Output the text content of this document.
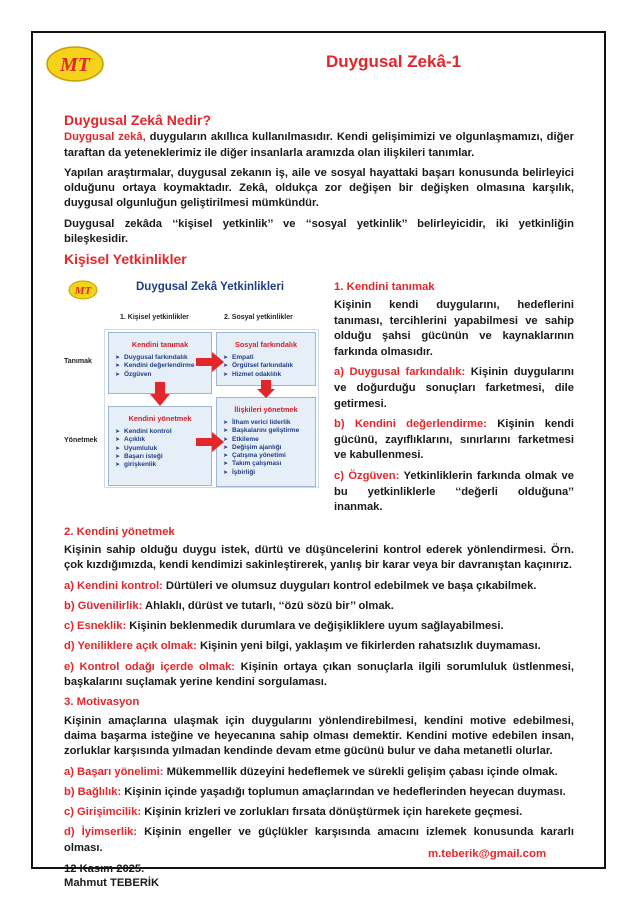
MT	Duygusal Zekâ-1
Duygusal Zekâ Nedir?

Duygusal zekâ, duyguların akıllıca kullanılmasıdır. Kendi gelişimimizi ve olgunlaşmamızı, diğer taraftan da yeteneklerimiz ile diğer insanlarla aramızda olan ilişkileri tanımlar.

Yapılan araştırmalar, duygusal zekanın iş, aile ve sosyal hayattaki başarı konusunda belirleyici olduğunu ortaya koymaktadır. Zekâ, oldukça zor değişen bir değişken olmasına karşılık, duygusal olgunluğun geliştirilmesi mümkündür.

Duygusal zekâda ‘‘kişisel yetkinlik’’ ve ‘‘sosyal yetkinlik’’ belirleyicidir, iki yetkinliğin bileşkesidir.

Kişisel Yetkinlikler
MT	Duygusal Zekâ Yetkinlikleri
1. Kişisel yetkinlikler	2. Sosyal yetkinlikler
Tanımak
Yönetmek
Kendini tanımak
➤ Duygusal farkındalık
➤ Kendini değerlendirme
➤ Özgüven
Sosyal farkındalık
➤ Empati
➤ Örgütsel farkındalık
➤ Hizmet odaklılık
Kendini yönetmek
➤ Kendini kontrol
➤ Açıklık
➤ Uyumluluk
➤ Başarı isteği
➤ girişkenlik
İlişkileri yönetmek
➤ İlham verici liderlik
➤ Başkalarını geliştirme
➤ Etkileme
➤ Değişim ajanlığı
➤ Çatışma yönetimi
➤ Takım çalışması
➤ İşbirliği
1. Kendini tanımak

Kişinin kendi duygularını, hedeflerini tanıması, tercihlerini yapabilmesi ve sahip olduğu şahsi gücünün ve kaynaklarının farkında olmasıdır.

a) Duygusal farkındalık: Kişinin duygularını ve doğurduğu sonuçları farketmesi, dile getirmesi.

b) Kendini değerlendirme: Kişinin kendi gücünü, zayıflıklarını, sınırlarını farketmesi ve kabullenmesi.

c) Özgüven: Yetkinliklerin farkında olmak ve bu yetkinliklerle ‘‘değerli olduğuna’’ inanmak.

2. Kendini yönetmek

Kişinin sahip olduğu duygu istek, dürtü ve düşüncelerini kontrol ederek yönlendirmesi. Örn. çok kızdığımızda, kendi kendimizi sakinleştirerek, yanlış bir karar veya bir davranıştan kaçınırız.

a) Kendini kontrol: Dürtüleri ve olumsuz duyguları kontrol edebilmek ve başa çıkabilmek.

b) Güvenilirlik: Ahlaklı, dürüst ve tutarlı, ‘‘özü sözü bir’’ olmak.

c) Esneklik: Kişinin beklenmedik durumlara ve değişikliklere uyum sağlayabilmesi.

d) Yeniliklere açık olmak: Kişinin yeni bilgi, yaklaşım ve fikirlerden rahatsızlık duymaması.

e) Kontrol odağı içerde olmak: Kişinin ortaya çıkan sonuçlarla ilgili sorumluluk üstlenmesi, başkalarını suçlamak yerine kendini sorgulaması.

3. Motivasyon

Kişinin amaçlarına ulaşmak için duygularını yönlendirebilmesi, kendini motive edebilmesi, daima başarma isteğine ve heyecanına sahip olması demektir. Kendini motive edebilen insan, zorluklar karşısında yılmadan kendinde devam etme gücünü bulur ve daha metanetli olurlar.

a) Başarı yönelimi: Mükemmellik düzeyini hedeflemek ve sürekli gelişim çabası içinde olmak.

b) Bağlılık: Kişinin içinde yaşadığı toplumun amaçlarından ve hedeflerinden heyecan duyması.

c) Girişimcilik: Kişinin krizleri ve zorlukları fırsata dönüştürmek için harekete geçmesi.

d) İyimserlik: Kişinin engeller ve güçlükler karşısında amacını izlemek konusunda kararlı olması.

12 Kasım 2025.
Mahmut TEBERİK
m.teberik@gmail.com
